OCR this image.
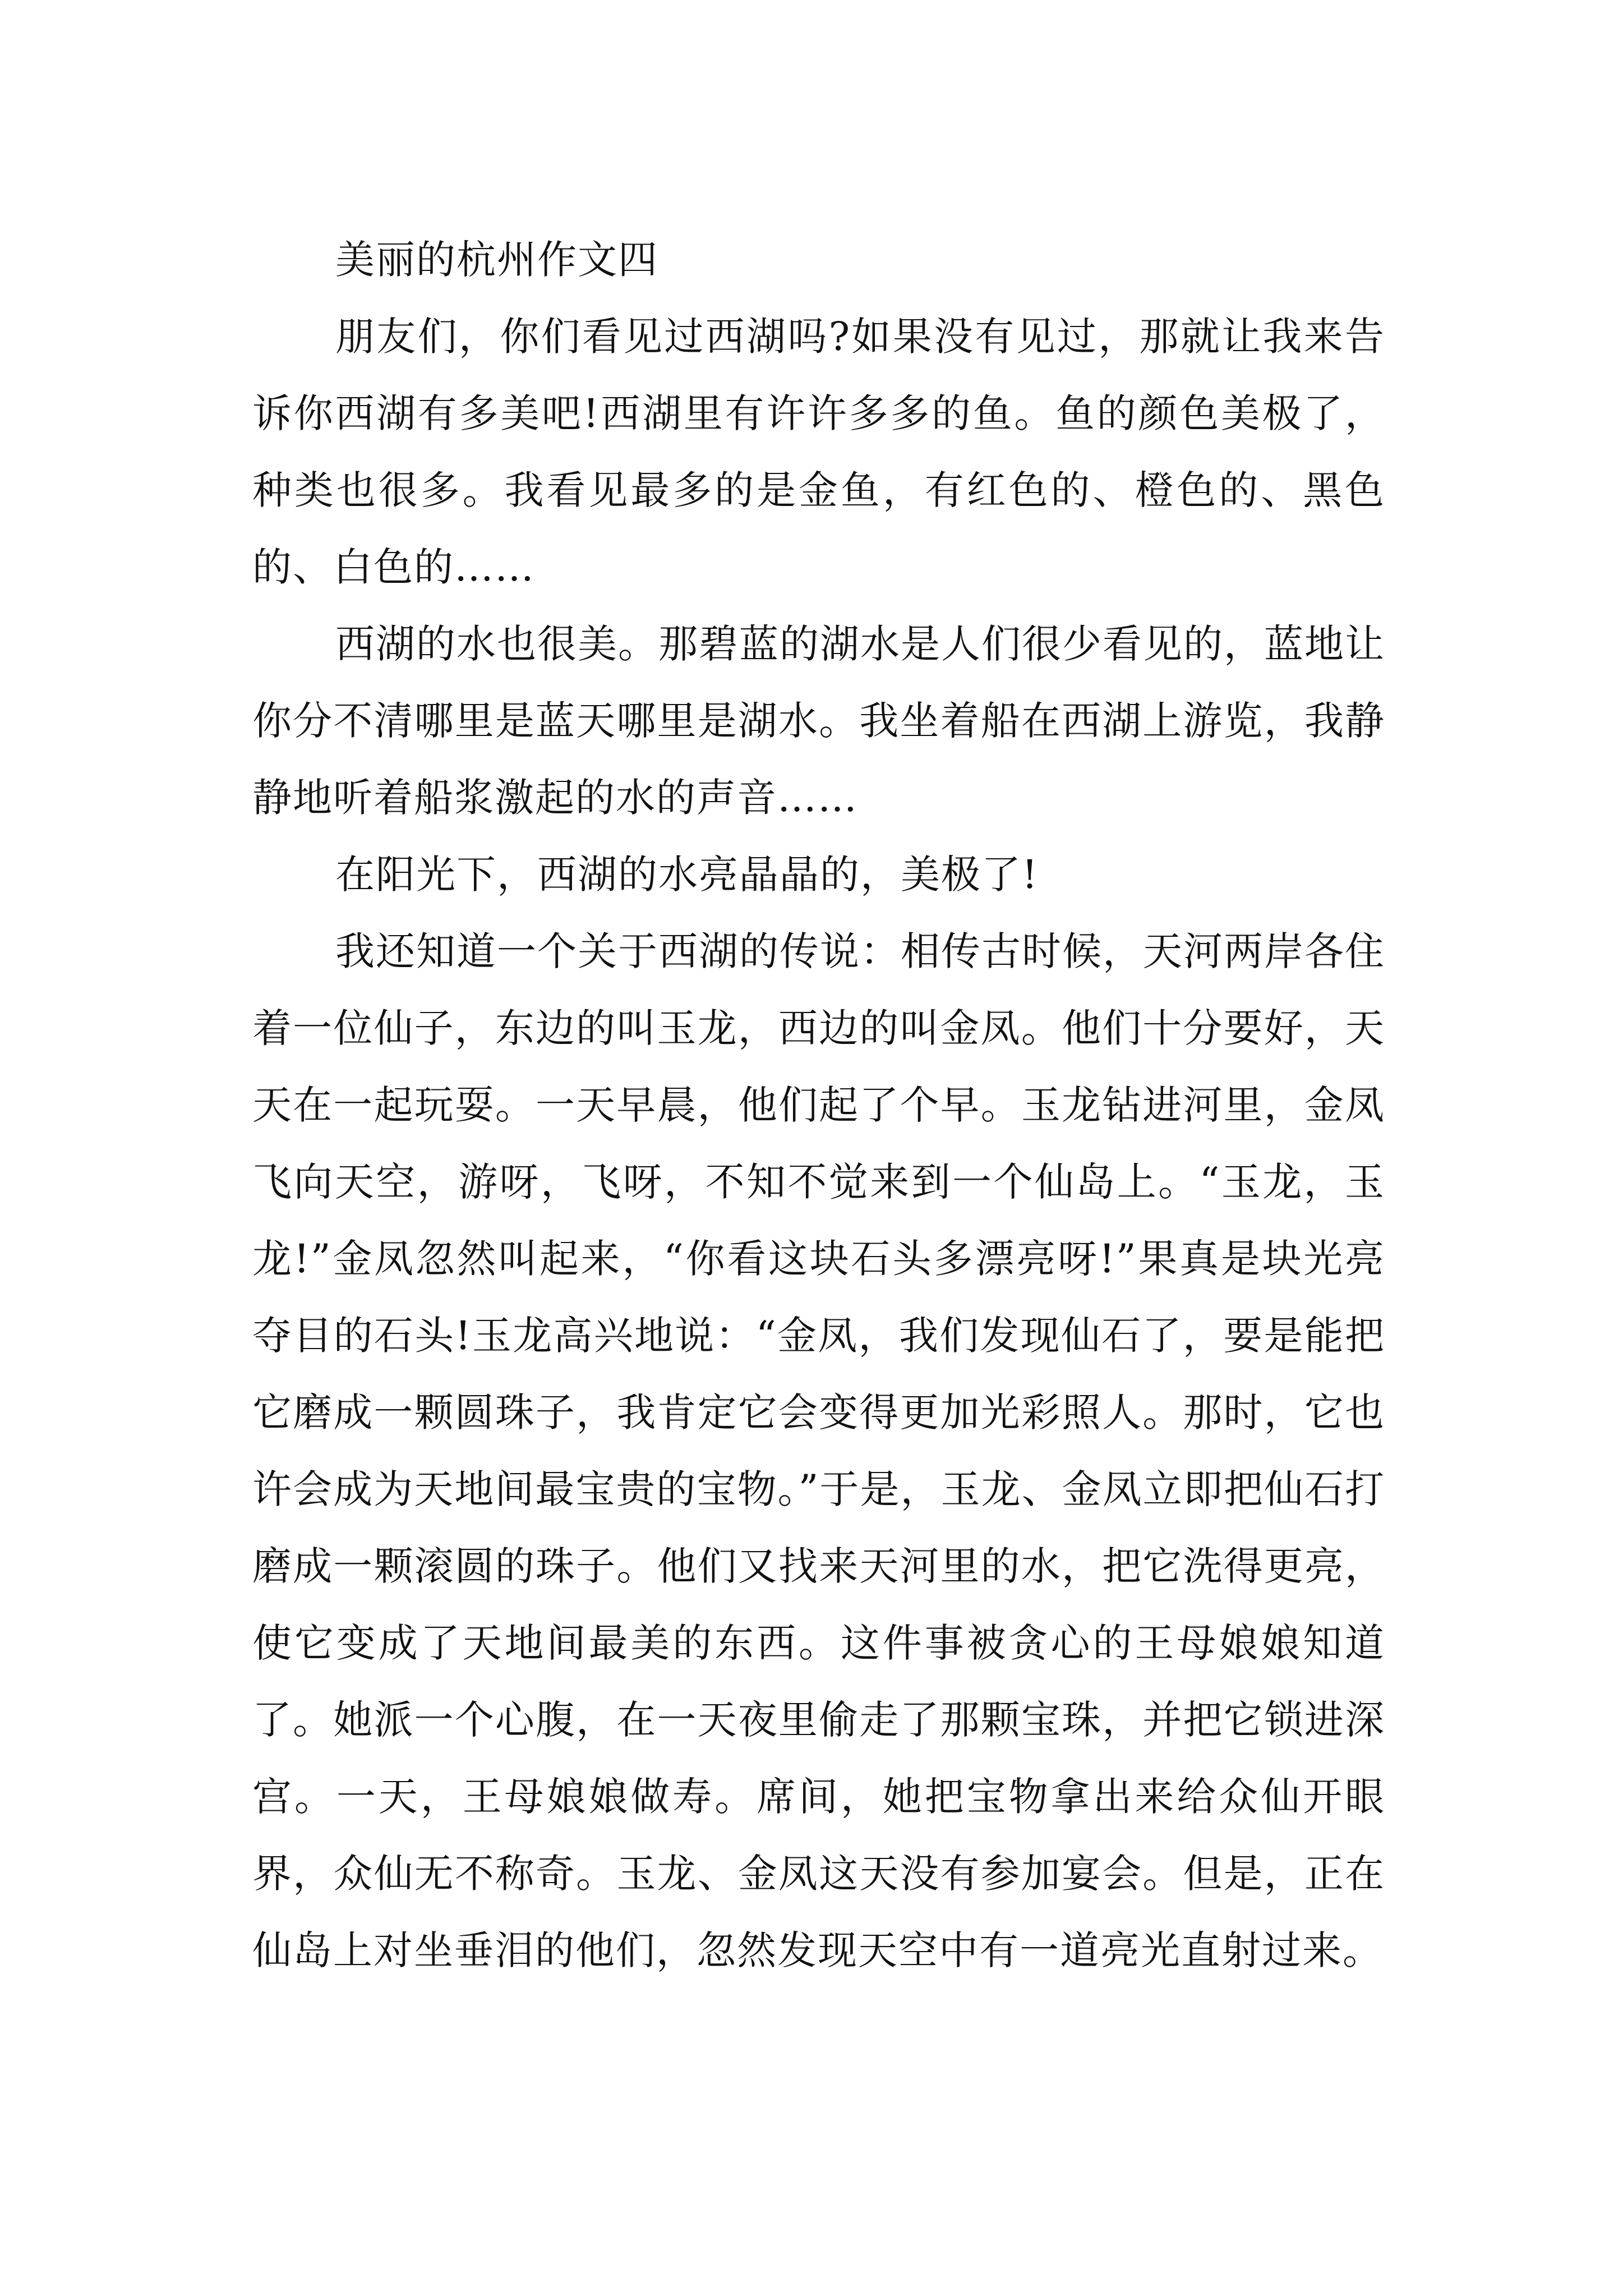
美丽的杭州作文四

朋友们，你们看见过西湖吗?如果没有见过，那就让我来告诉你西湖有多美吧!西湖里有许许多多的鱼。鱼的颜色美极了，种类也很多。我看见最多的是金鱼，有红色的、橙色的、黑色的、白色的……

西湖的水也很美。那碧蓝的湖水是人们很少看见的，蓝地让你分不清哪里是蓝天哪里是湖水。我坐着船在西湖上游览，我静静地听着船浆激起的水的声音……

在阳光下，西湖的水亮晶晶的，美极了!

我还知道一个关于西湖的传说：相传古时候，天河两岸各住着一位仙子，东边的叫玉龙，西边的叫金凤。他们十分要好，天天在一起玩耍。一天早晨，他们起了个早。玉龙钻进河里，金凤飞向天空，游呀，飞呀，不知不觉来到一个仙岛上。“玉龙，玉龙!”金凤忽然叫起来，“你看这块石头多漂亮呀!”果真是块光亮夺目的石头!玉龙高兴地说：“金凤，我们发现仙石了，要是能把它磨成一颗圆珠子，我肯定它会变得更加光彩照人。那时，它也许会成为天地间最宝贵的宝物。”于是，玉龙、金凤立即把仙石打磨成一颗滚圆的珠子。他们又找来天河里的水，把它洗得更亮，使它变成了天地间最美的东西。这件事被贪心的王母娘娘知道了。她派一个心腹，在一天夜里偷走了那颗宝珠，并把它锁进深宫。一天，王母娘娘做寿。席间，她把宝物拿出来给众仙开眼界，众仙无不称奇。玉龙、金凤这天没有参加宴会。但是，正在仙岛上对坐垂泪的他们，忽然发现天空中有一道亮光直射过来。
